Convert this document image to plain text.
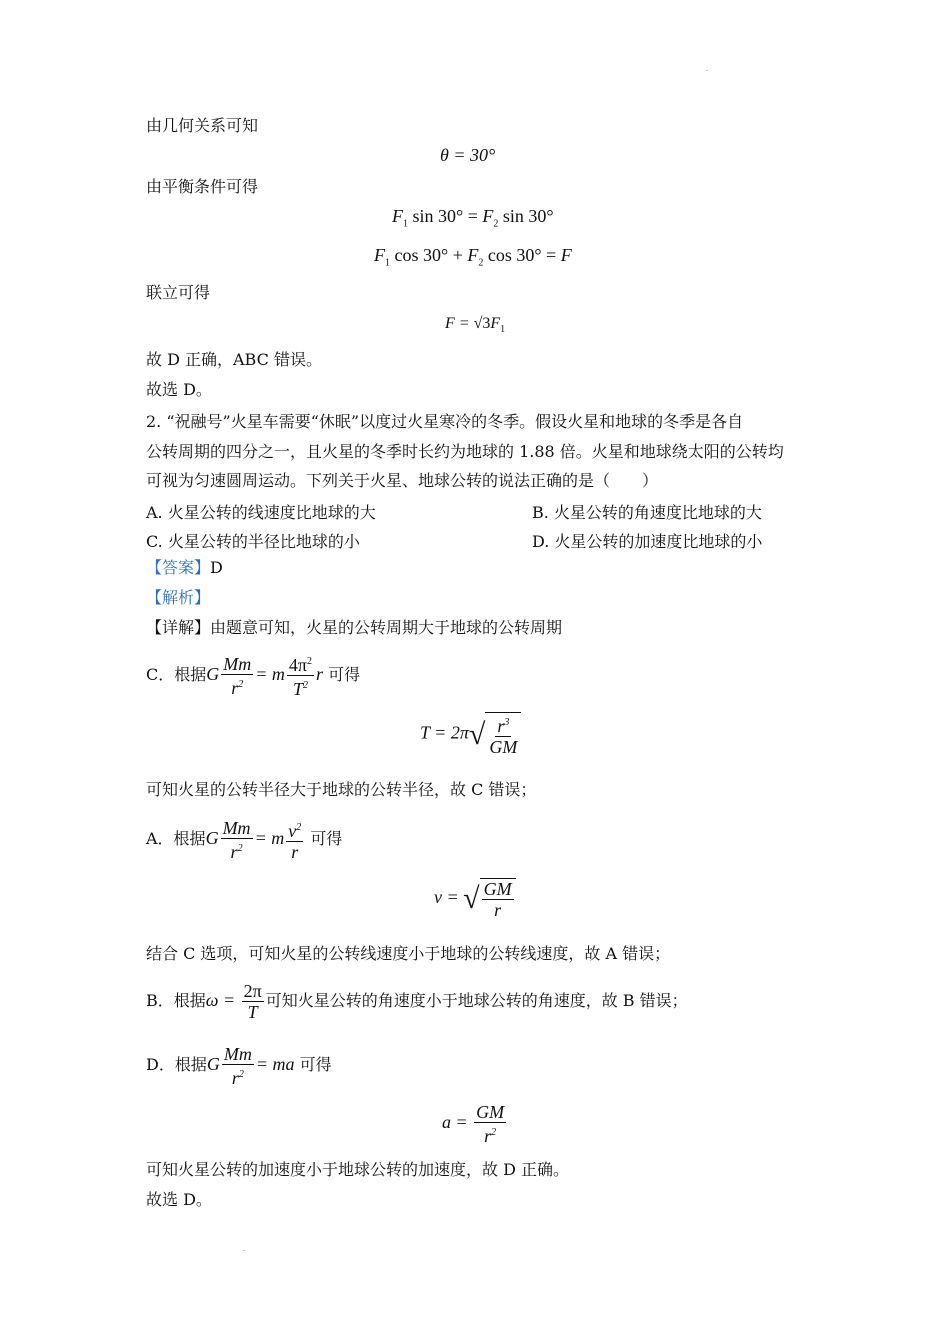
由几何关系可知
θ = 30°
由平衡条件可得
$F_1$ $\sin 30^\circ = F_2$ sin 30°
$F_1$ $\cos 30^\circ + F_2$ cos 30° = F
联立可得
$F = √3F_1$
故 D 正确，ABC 错误。
故选 D。
2. “祝融号”火星车需要“休眠”以度过火星寒冷的冬季。假设火星和地球的冬季是各自
公转周期的四分之一，且火星的冬季时长约为地球的 1.88 倍。火星和地球绕太阳的公转均
可视为匀速圆周运动。下列关于火星、地球公转的说法正确的是（　　）
A. 火星公转的线速度比地球的大	B. 火星公转的角速度比地球的大
C. 火星公转的半径比地球的小	D. 火星公转的加速度比地球的小
【答案】D
【解析】
【详解】由题意可知，火星的公转周期大于地球的公转周期
C．根据G $\frac{Mm}{r^2} = m \frac{4\pi^2}{T^2}$ r 可得
T = 2π √ $\frac{r^3}{GM}$
可知火星的公转半径大于地球的公转半径，故 C 错误；
A．根据G $\frac{Mm}{r^2} = m \frac{v^2}{r}$ 可得
v = √ $\frac{GM}{r}$
结合 C 选项，可知火星的公转线速度小于地球的公转线速度，故 A 错误；
B．根据$\omega = \frac{2\pi}{T}$ 可知火星公转的角速度小于地球公转的角速度，故 B 错误；
D．根据G $\frac{Mm}{r^2}$ = ma 可得
$a = \frac{GM}{r^2}$
可知火星公转的加速度小于地球公转的加速度，故 D 正确。
故选 D。
